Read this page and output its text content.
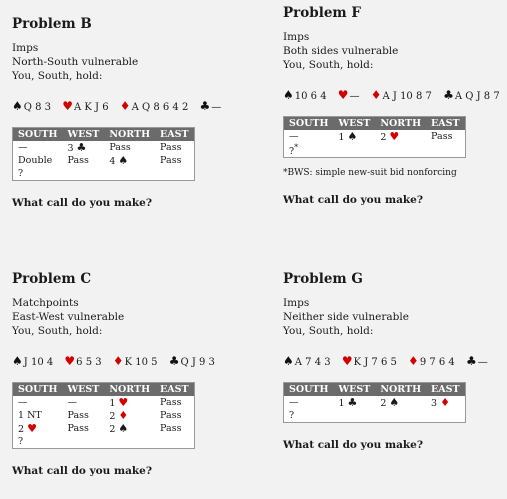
Problem B
Imps
North-South vulnerable
You, South, hold:
♠Q 8 3 ♥A K J 6 ♦A Q 8 6 4 2 ♣—
SOUTH	WEST	NORTH	EAST
—	3 ♣	Pass	Pass
Double	Pass	4 ♠	Pass
?			
What call do you make?
Problem F
Imps
Both sides vulnerable
You, South, hold:
♠10 6 4 ♥— ♦A J 10 8 7 ♣A Q J 8 7
SOUTH	WEST	NORTH	EAST
—	1 ♠	2 ♥	Pass
?*			
*BWS: simple new-suit bid nonforcing
What call do you make?
Problem C
Matchpoints
East-West vulnerable
You, South, hold:
♠J 10 4 ♥6 5 3 ♦K 10 5 ♣Q J 9 3
SOUTH	WEST	NORTH	EAST
—	—	1 ♥	Pass
1 NT	Pass	2 ♦	Pass
2 ♥	Pass	2 ♠	Pass
?			
What call do you make?
Problem G
Imps
Neither side vulnerable
You, South, hold:
♠A 7 4 3 ♥K J 7 6 5 ♦9 7 6 4 ♣—
SOUTH	WEST	NORTH	EAST
—	1 ♣	2 ♠	3 ♦
?			
What call do you make?
